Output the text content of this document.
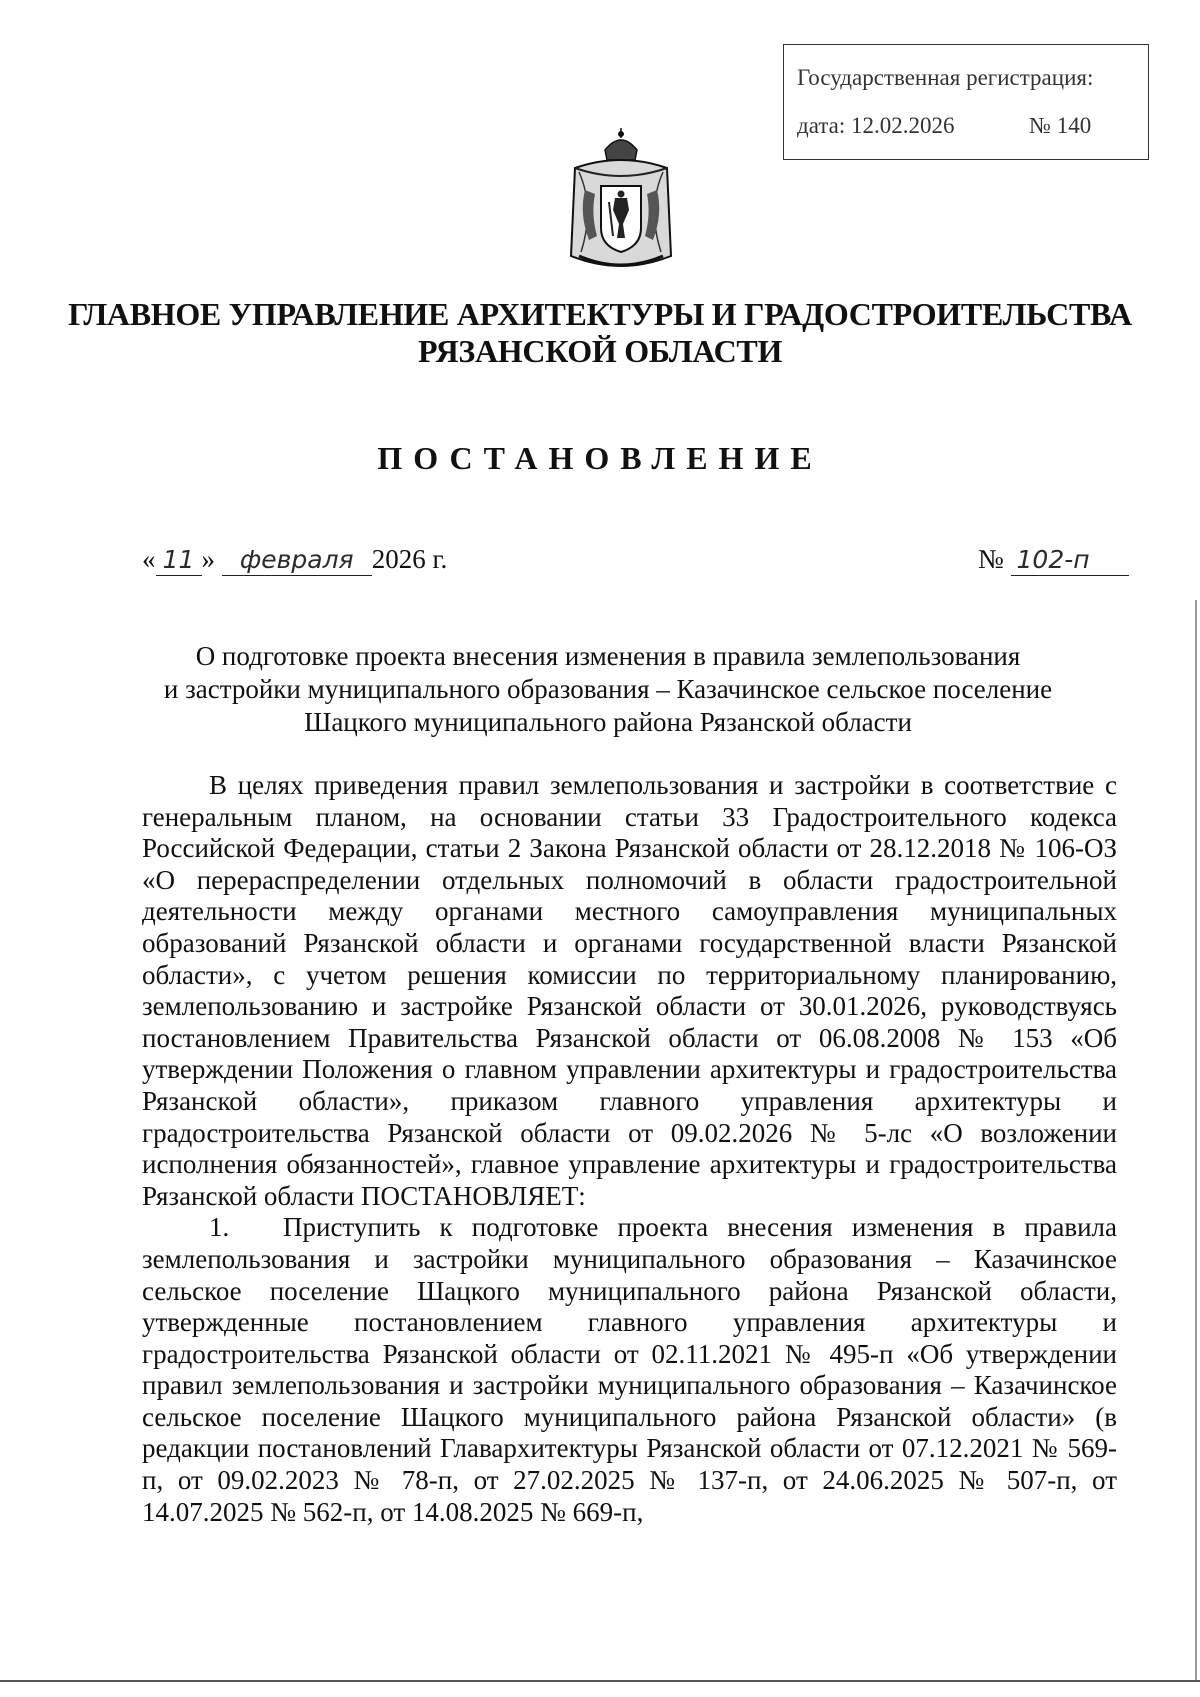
Государственная регистрация:
дата: 12.02.2026	№ 140
ГЛАВНОЕ УПРАВЛЕНИЕ АРХИТЕКТУРЫ И ГРАДОСТРОИТЕЛЬСТВА
РЯЗАНСКОЙ ОБЛАСТИ
ПОСТАНОВЛЕНИЕ
« 11 » февраля 2026 г.	№ 102-п
О подготовке проекта внесения изменения в правила землепользования
и застройки муниципального образования – Казачинское сельское поселение
Шацкого муниципального района Рязанской области

В целях приведения правил землепользования и застройки в соответствие с генеральным планом, на основании статьи 33 Градостроительного кодекса Российской Федерации, статьи 2 Закона Рязанской области от 28.12.2018 № 106-ОЗ «О перераспределении отдельных полномочий в области градостроительной деятельности между органами местного самоуправления муниципальных образований Рязанской области и органами государственной власти Рязанской области», с учетом решения комиссии по территориальному планированию, землепользованию и застройке Рязанской области от 30.01.2026, руководствуясь постановлением Правительства Рязанской области от 06.08.2008 № 153 «Об утверждении Положения о главном управлении архитектуры и градостроительства Рязанской области», приказом главного управления архитектуры и градостроительства Рязанской области от 09.02.2026 № 5-лс «О возложении исполнения обязанностей», главное управление архитектуры и градостроительства Рязанской области ПОСТАНОВЛЯЕТ:

1. Приступить к подготовке проекта внесения изменения в правила землепользования и застройки муниципального образования – Казачинское сельское поселение Шацкого муниципального района Рязанской области, утвержденные постановлением главного управления архитектуры и градостроительства Рязанской области от 02.11.2021 № 495-п «Об утверждении правил землепользования и застройки муниципального образования – Казачинское сельское поселение Шацкого муниципального района Рязанской области» (в редакции постановлений Главархитектуры Рязанской области от 07.12.2021 № 569-п, от 09.02.2023 № 78-п, от 27.02.2025 № 137-п, от 24.06.2025 № 507-п, от 14.07.2025 № 562-п, от 14.08.2025 № 669-п,
